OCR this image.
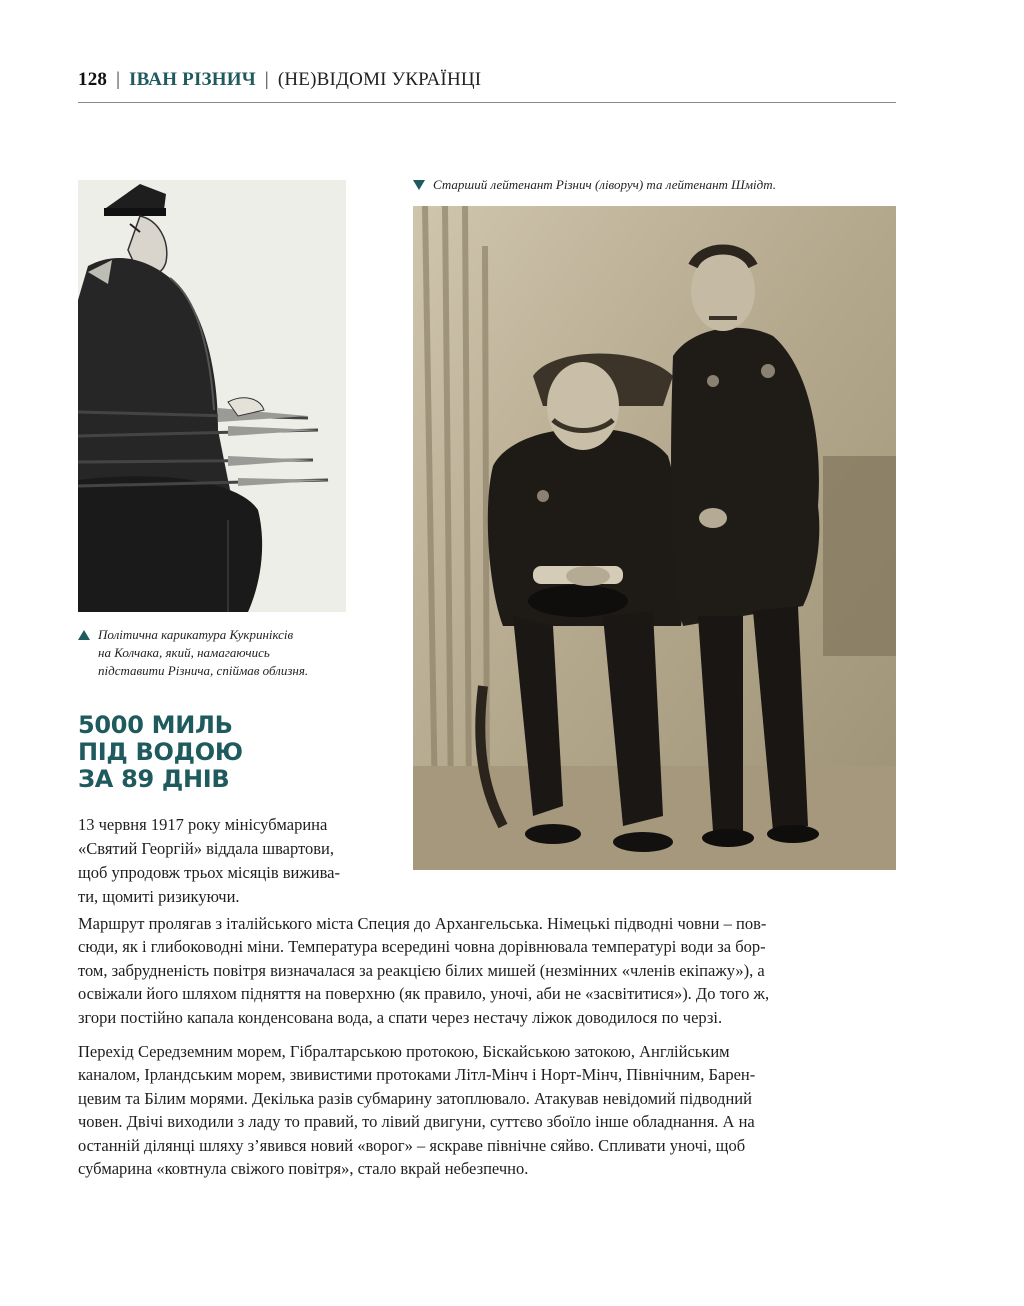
128 | ІВАН РІЗНИЧ | (НЕ)ВІДОМІ УКРАЇНЦІ
Політична карикатура Кукриніксів
на Колчака, який, намагаючись
підставити Різнича, спіймав облизня.
Старший лейтенант Різнич (ліворуч) та лейтенант Шмідт.
5000 МИЛЬ
ПІД ВОДОЮ
ЗА 89 ДНІВ
13 червня 1917 року мінісубмарина
«Святий Георгій» віддала швартови,
щоб упродовж трьох місяців вижива-
ти, щомиті ризикуючи.
Маршрут пролягав з італійського міста Специя до Архангельська. Німецькі підводні човни – пов-
сюди, як і глибоководні міни. Температура всередині човна дорівнювала температурі води за бор-
том, забрудненість повітря визначалася за реакцією білих мишей (незмінних «членів екіпажу»), а
освіжали його шляхом підняття на поверхню (як правило, уночі, аби не «засвітитися»). До того ж,
згори постійно капала конденсована вода, а спати через нестачу ліжок доводилося по черзі.
Перехід Середземним морем, Гібралтарською протокою, Біскайською затокою, Англійським
каналом, Ірландським морем, звивистими протоками Літл-Мінч і Норт-Мінч, Північним, Барен-
цевим та Білим морями. Декілька разів субмарину затоплювало. Атакував невідомий підводний
човен. Двічі виходили з ладу то правий, то лівий двигуни, суттєво збоїло інше обладнання. А на
останній ділянці шляху з’явився новий «ворог» – яскраве північне сяйво. Спливати уночі, щоб
субмарина «ковтнула свіжого повітря», стало вкрай небезпечно.
